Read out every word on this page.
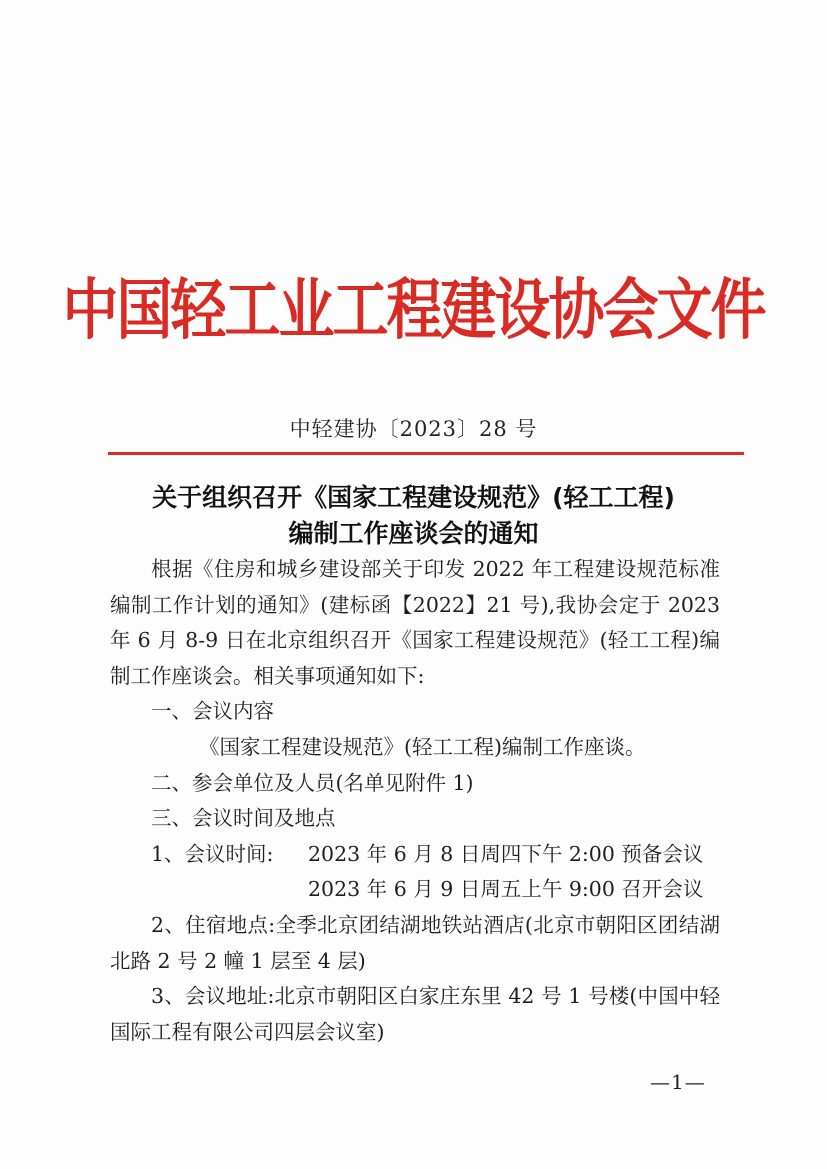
中国轻工业工程建设协会文件
中轻建协〔2023〕28 号
关于组织召开《国家工程建设规范》(轻工工程)
编制工作座谈会的通知

根据《住房和城乡建设部关于印发 2022 年工程建设规范标准编制工作计划的通知》(建标函【2022】21 号),我协会定于 2023 年 6 月 8-9 日在北京组织召开《国家工程建设规范》(轻工工程)编制工作座谈会。相关事项通知如下:

一、会议内容

《国家工程建设规范》(轻工工程)编制工作座谈。

二、参会单位及人员(名单见附件 1)

三、会议时间及地点

1、会议时间:	2023 年 6 月 8 日周四下午 2:00 预备会议
2023 年 6 月 9 日周五上午 9:00 召开会议

2、住宿地点:全季北京团结湖地铁站酒店(北京市朝阳区团结湖北路 2 号 2 幢 1 层至 4 层)

3、会议地址:北京市朝阳区白家庄东里 42 号 1 号楼(中国中轻国际工程有限公司四层会议室)

—1—
